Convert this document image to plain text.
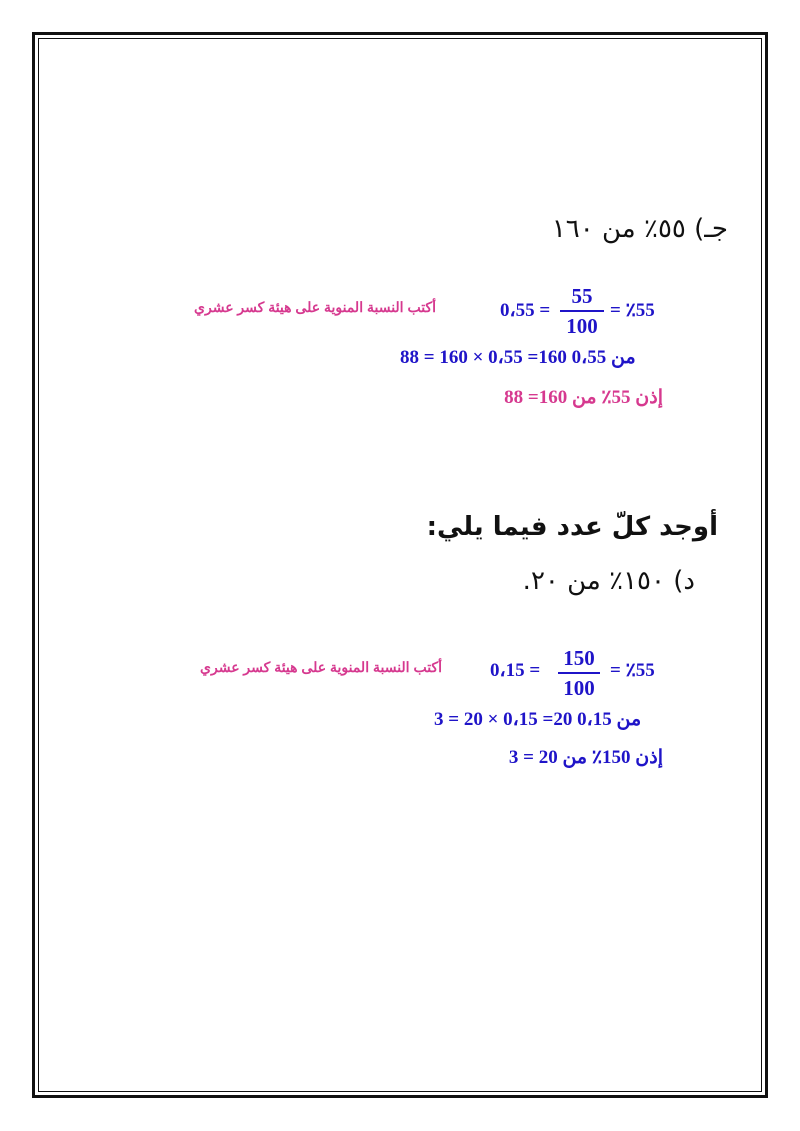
جـ) ٥٥٪ من ١٦٠
0،55 =
55
100
= ٪55
أكتب النسبة المنوية على هيئة كسر عشري
88 = 160 × 0،55 =160 من 0،55
إذن 55٪ من 160= 88
أوجد كلّ عدد فيما يلي:
د) ١٥٠٪ من ٢٠.
0،15 =
150
100
= ٪55
أكتب النسبة المنوية على هيئة كسر عشري
3 = 20 × 0،15 =20 من 0،15
إذن 150٪ من 20 = 3
